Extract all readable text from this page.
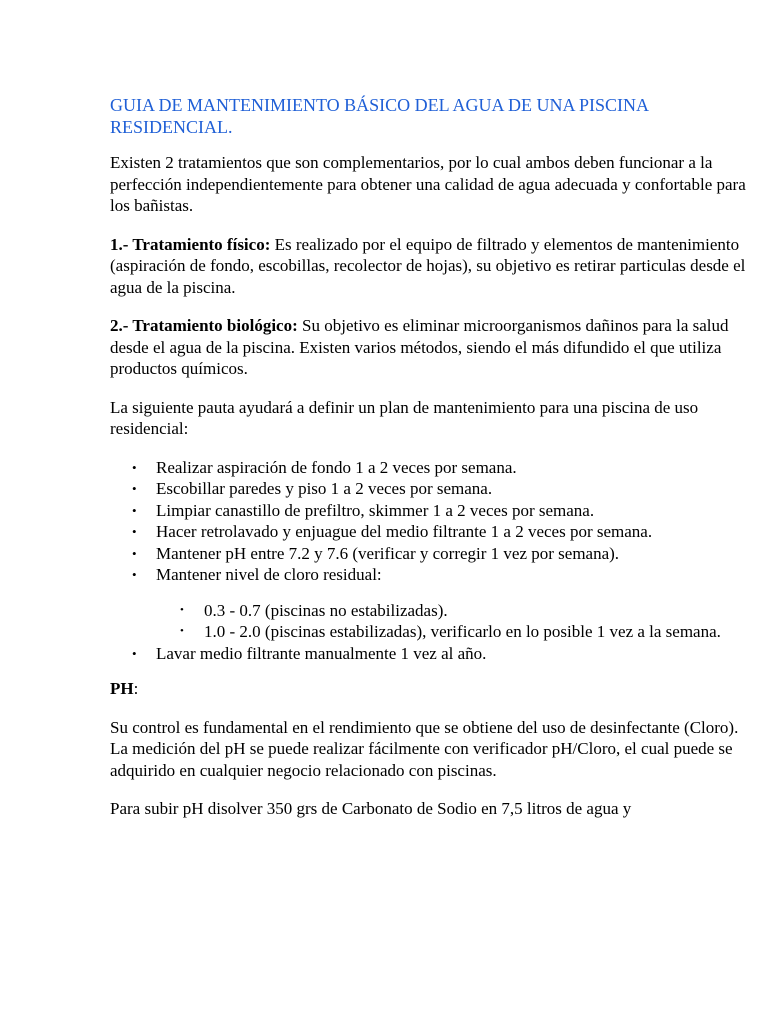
GUIA DE MANTENIMIENTO BÁSICO DEL AGUA DE UNA PISCINA RESIDENCIAL.

Existen 2 tratamientos que son complementarios, por lo cual ambos deben funcionar a la perfección independientemente para obtener una calidad de agua adecuada y confortable para los bañistas.

1.- Tratamiento físico: Es realizado por el equipo de filtrado y elementos de mantenimiento (aspiración de fondo, escobillas, recolector de hojas), su objetivo es retirar particulas desde el agua de la piscina.

2.- Tratamiento biológico: Su objetivo es eliminar microorganismos dañinos para la salud desde el agua de la piscina. Existen varios métodos, siendo el más difundido el que utiliza productos químicos.

La siguiente pauta ayudará a definir un plan de mantenimiento para una piscina de uso residencial:

• Realizar aspiración de fondo 1 a 2 veces por semana.
• Escobillar paredes y piso 1 a 2 veces por semana.
• Limpiar canastillo de prefiltro, skimmer 1 a 2 veces por semana.
• Hacer retrolavado y enjuague del medio filtrante 1 a 2 veces por semana.
• Mantener pH entre 7.2 y 7.6 (verificar y corregir 1 vez por semana).
• Mantener nivel de cloro residual:
• 0.3 - 0.7 (piscinas no estabilizadas).
• 1.0 - 2.0 (piscinas estabilizadas), verificarlo en lo posible 1 vez a la semana.
• Lavar medio filtrante manualmente 1 vez al año.

PH:

Su control es fundamental en el rendimiento que se obtiene del uso de desinfectante (Cloro). La medición del pH se puede realizar fácilmente con verificador pH/Cloro, el cual puede se adquirido en cualquier negocio relacionado con piscinas.

Para subir pH disolver 350 grs de Carbonato de Sodio en 7,5 litros de agua y
